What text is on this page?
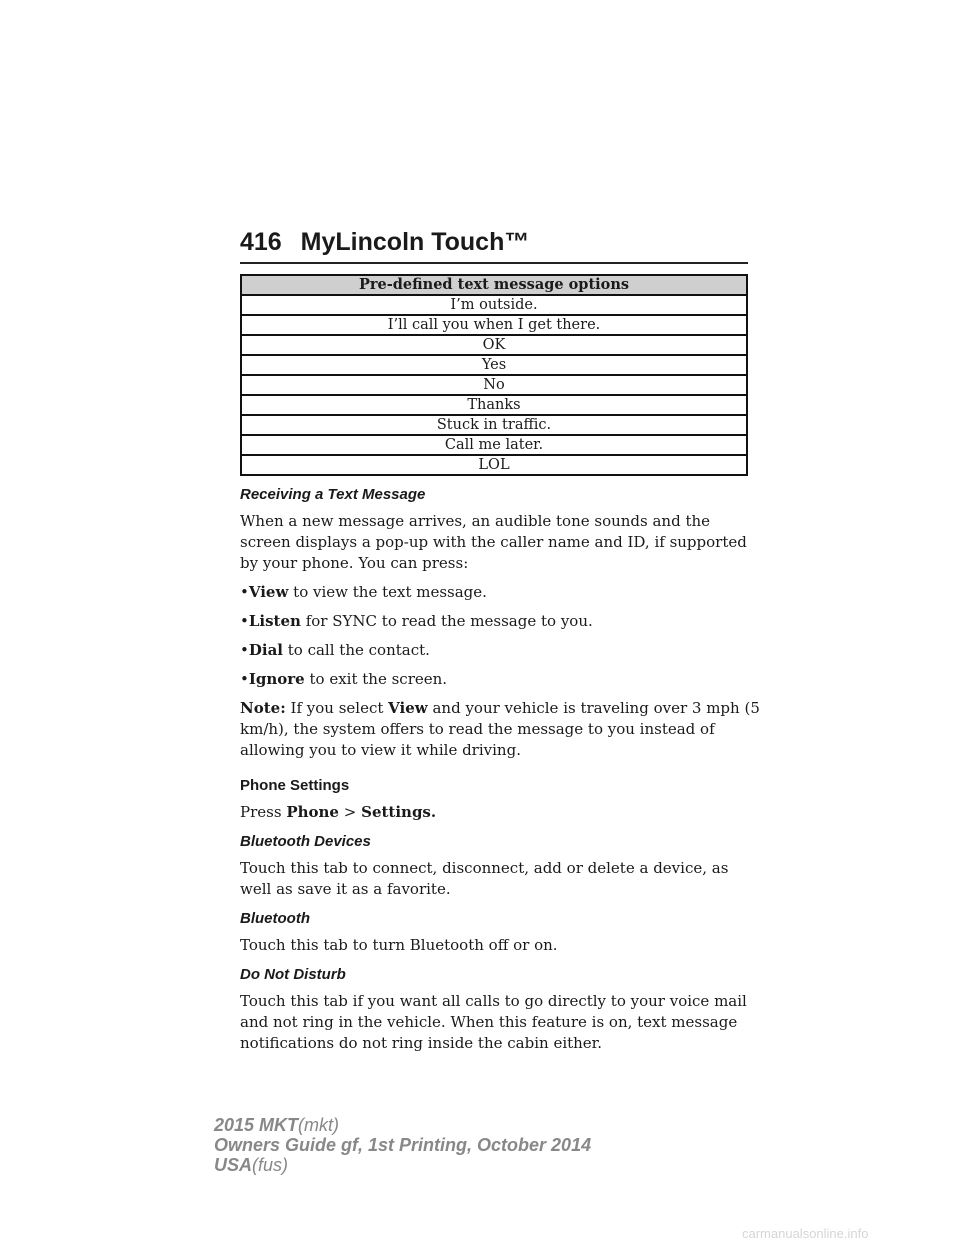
416 MyLincoln Touch™
Pre-defined text message options
I’m outside.
I’ll call you when I get there.
OK
Yes
No
Thanks
Stuck in traffic.
Call me later.
LOL
Receiving a Text Message

When a new message arrives, an audible tone sounds and the screen displays a pop-up with the caller name and ID, if supported by your phone. You can press:

•View to view the text message.
•Listen for SYNC to read the message to you.
•Dial to call the contact.
•Ignore to exit the screen.

Note: If you select View and your vehicle is traveling over 3 mph (5 km/h), the system offers to read the message to you instead of allowing you to view it while driving.

Phone Settings

Press Phone > Settings.

Bluetooth Devices

Touch this tab to connect, disconnect, add or delete a device, as well as save it as a favorite.

Bluetooth

Touch this tab to turn Bluetooth off or on.

Do Not Disturb

Touch this tab if you want all calls to go directly to your voice mail and not ring in the vehicle. When this feature is on, text message notifications do not ring inside the cabin either.

2015 MKT(mkt)
Owners Guide gf, 1st Printing, October 2014
USA(fus)
carmanualsonline.info
